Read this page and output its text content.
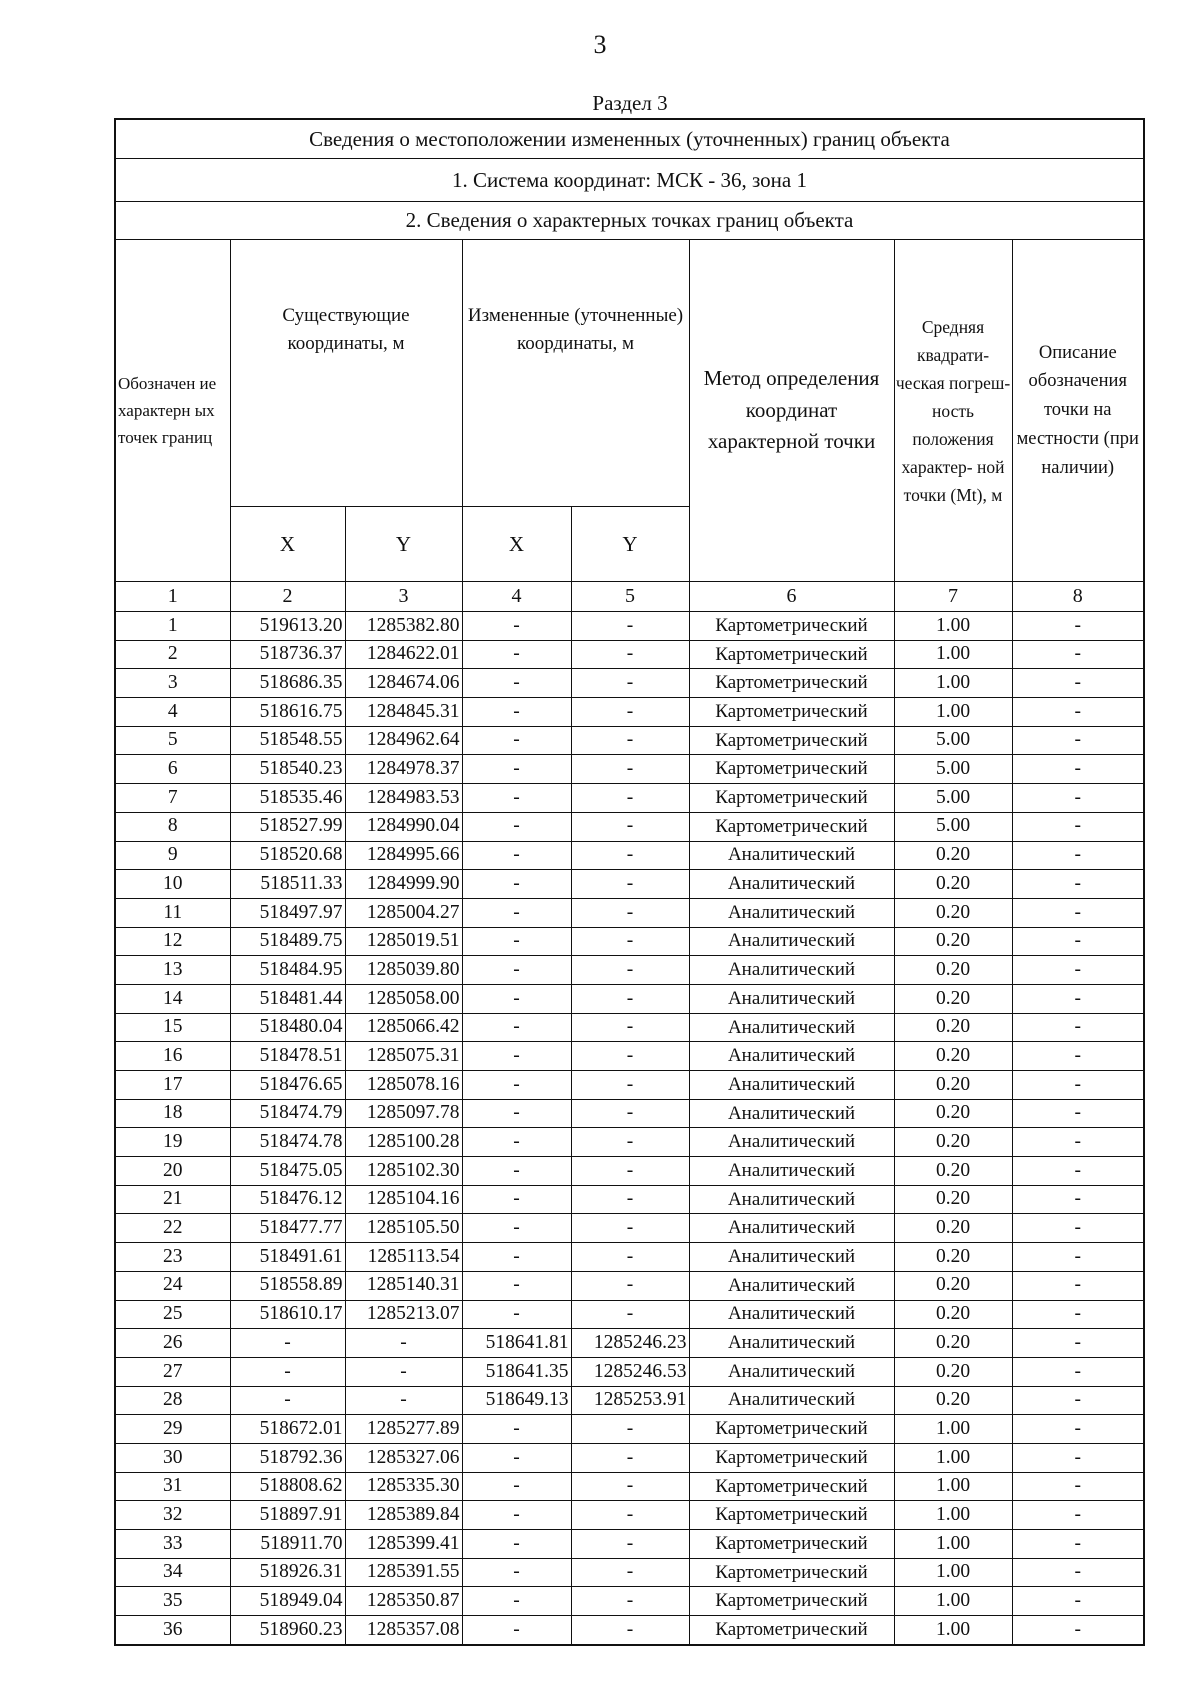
3
Раздел 3
Сведения о местоположении измененных (уточненных) границ объекта							
1. Система координат: МСК - 36, зона 1							
2. Сведения о характерных точках границ объекта							
Обозначен ие характерн ых точек границ	Существующие координаты, м		Измененные (уточненные) координаты, м		Метод определения координат характерной точки	Средняя квадрати- ческая погреш- ность положения характер- ной точки (Mt), м	Описание обозначения точки на местности (при наличии)
	X	Y	X	Y			
1	2	3	4	5	6	7	8
1	519613.20	1285382.80	-	-	Картометрический	1.00	-
2	518736.37	1284622.01	-	-	Картометрический	1.00	-
3	518686.35	1284674.06	-	-	Картометрический	1.00	-
4	518616.75	1284845.31	-	-	Картометрический	1.00	-
5	518548.55	1284962.64	-	-	Картометрический	5.00	-
6	518540.23	1284978.37	-	-	Картометрический	5.00	-
7	518535.46	1284983.53	-	-	Картометрический	5.00	-
8	518527.99	1284990.04	-	-	Картометрический	5.00	-
9	518520.68	1284995.66	-	-	Аналитический	0.20	-
10	518511.33	1284999.90	-	-	Аналитический	0.20	-
11	518497.97	1285004.27	-	-	Аналитический	0.20	-
12	518489.75	1285019.51	-	-	Аналитический	0.20	-
13	518484.95	1285039.80	-	-	Аналитический	0.20	-
14	518481.44	1285058.00	-	-	Аналитический	0.20	-
15	518480.04	1285066.42	-	-	Аналитический	0.20	-
16	518478.51	1285075.31	-	-	Аналитический	0.20	-
17	518476.65	1285078.16	-	-	Аналитический	0.20	-
18	518474.79	1285097.78	-	-	Аналитический	0.20	-
19	518474.78	1285100.28	-	-	Аналитический	0.20	-
20	518475.05	1285102.30	-	-	Аналитический	0.20	-
21	518476.12	1285104.16	-	-	Аналитический	0.20	-
22	518477.77	1285105.50	-	-	Аналитический	0.20	-
23	518491.61	1285113.54	-	-	Аналитический	0.20	-
24	518558.89	1285140.31	-	-	Аналитический	0.20	-
25	518610.17	1285213.07	-	-	Аналитический	0.20	-
26	-	-	518641.81	1285246.23	Аналитический	0.20	-
27	-	-	518641.35	1285246.53	Аналитический	0.20	-
28	-	-	518649.13	1285253.91	Аналитический	0.20	-
29	518672.01	1285277.89	-	-	Картометрический	1.00	-
30	518792.36	1285327.06	-	-	Картометрический	1.00	-
31	518808.62	1285335.30	-	-	Картометрический	1.00	-
32	518897.91	1285389.84	-	-	Картометрический	1.00	-
33	518911.70	1285399.41	-	-	Картометрический	1.00	-
34	518926.31	1285391.55	-	-	Картометрический	1.00	-
35	518949.04	1285350.87	-	-	Картометрический	1.00	-
36	518960.23	1285357.08	-	-	Картометрический	1.00	-
